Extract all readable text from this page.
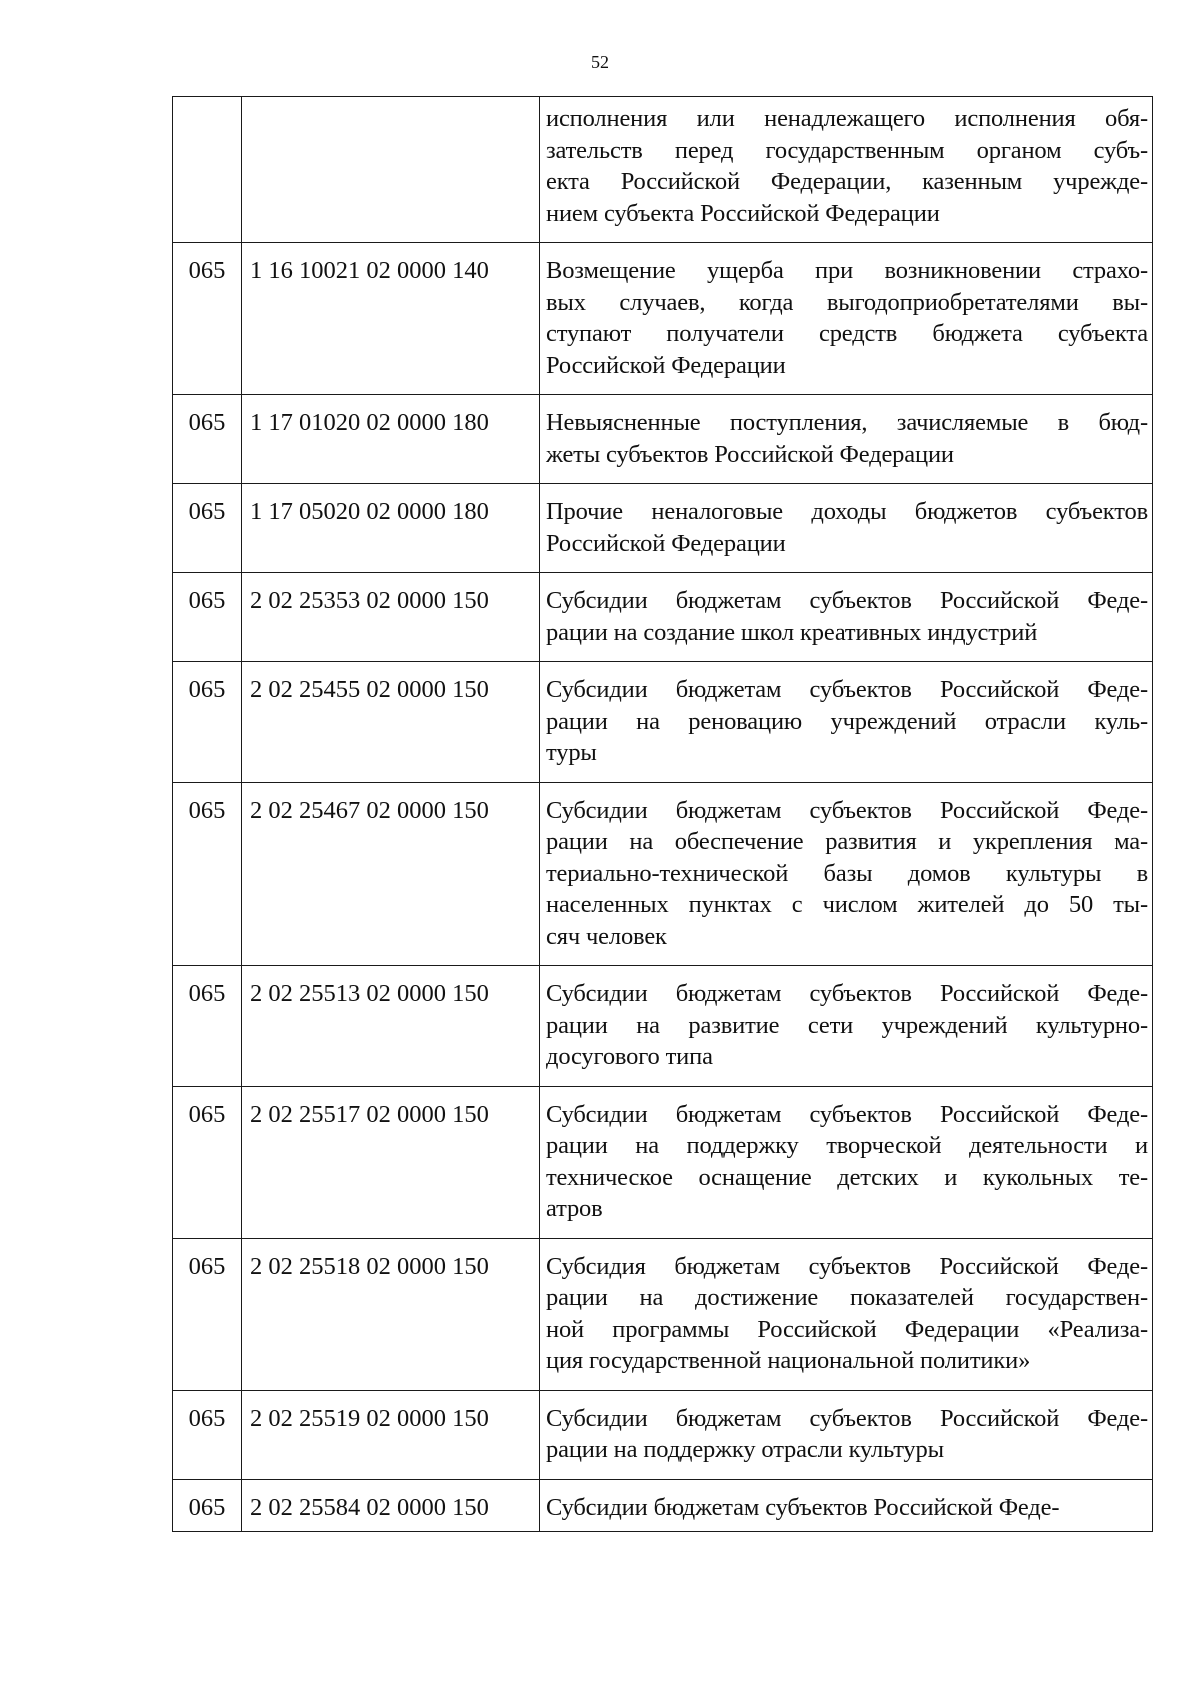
52

		исполнения или ненадлежащего исполнения обя-
зательств перед государственным органом субъ-
екта Российской Федерации, казенным учрежде-
нием субъекта Российской Федерации

065	1 16 10021 02 0000 140	Возмещение ущерба при возникновении страхо-
вых случаев, когда выгодоприобретателями вы-
ступают получатели средств бюджета субъекта
Российской Федерации

065	1 17 01020 02 0000 180	Невыясненные поступления, зачисляемые в бюд-
жеты субъектов Российской Федерации

065	1 17 05020 02 0000 180	Прочие неналоговые доходы бюджетов субъектов
Российской Федерации

065	2 02 25353 02 0000 150	Субсидии бюджетам субъектов Российской Феде-
рации на создание школ креативных индустрий

065	2 02 25455 02 0000 150	Субсидии бюджетам субъектов Российской Феде-
рации на реновацию учреждений отрасли куль-
туры

065	2 02 25467 02 0000 150	Субсидии бюджетам субъектов Российской Феде-
рации на обеспечение развития и укрепления ма-
териально-технической базы домов культуры в
населенных пунктах с числом жителей до 50 ты-
сяч человек

065	2 02 25513 02 0000 150	Субсидии бюджетам субъектов Российской Феде-
рации на развитие сети учреждений культурно-
досугового типа

065	2 02 25517 02 0000 150	Субсидии бюджетам субъектов Российской Феде-
рации на поддержку творческой деятельности и
техническое оснащение детских и кукольных те-
атров

065	2 02 25518 02 0000 150	Субсидия бюджетам субъектов Российской Феде-
рации на достижение показателей государствен-
ной программы Российской Федерации «Реализа-
ция государственной национальной политики»

065	2 02 25519 02 0000 150	Субсидии бюджетам субъектов Российской Феде-
рации на поддержку отрасли культуры

065	2 02 25584 02 0000 150	Субсидии бюджетам субъектов Российской Феде-
